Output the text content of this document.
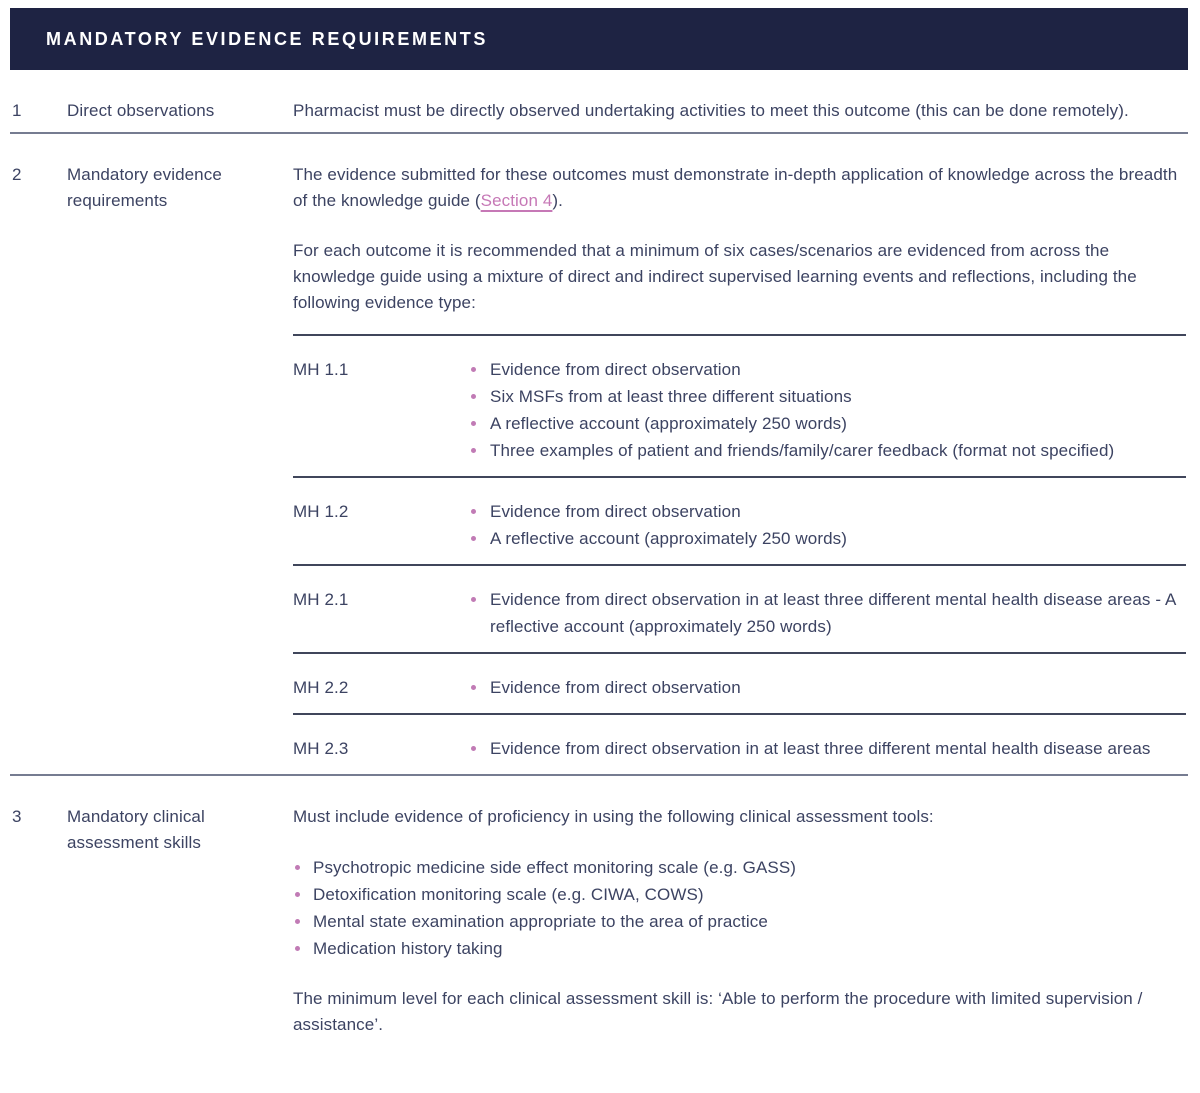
MANDATORY EVIDENCE REQUIREMENTS
1	Direct observations	Pharmacist must be directly observed undertaking activities to meet this outcome (this can be done remotely).

2	Mandatory evidence requirements

The evidence submitted for these outcomes must demonstrate in-depth application of knowledge across the breadth of the knowledge guide (Section 4).

For each outcome it is recommended that a minimum of six cases/scenarios are evidenced from across the knowledge guide using a mixture of direct and indirect supervised learning events and reflections, including the following evidence type:

MH 1.1	Evidence from direct observation
Six MSFs from at least three different situations
A reflective account (approximately 250 words)
Three examples of patient and friends/family/carer feedback (format not specified)
MH 1.2	Evidence from direct observation
A reflective account (approximately 250 words)
MH 2.1	Evidence from direct observation in at least three different mental health disease areas - A reflective account (approximately 250 words)
MH 2.2	Evidence from direct observation
MH 2.3	Evidence from direct observation in at least three different mental health disease areas
3	Mandatory clinical assessment skills

Must include evidence of proficiency in using the following clinical assessment tools:

Psychotropic medicine side effect monitoring scale (e.g. GASS)
Detoxification monitoring scale (e.g. CIWA, COWS)
Mental state examination appropriate to the area of practice
Medication history taking

The minimum level for each clinical assessment skill is: ‘Able to perform the procedure with limited supervision / assistance’.
